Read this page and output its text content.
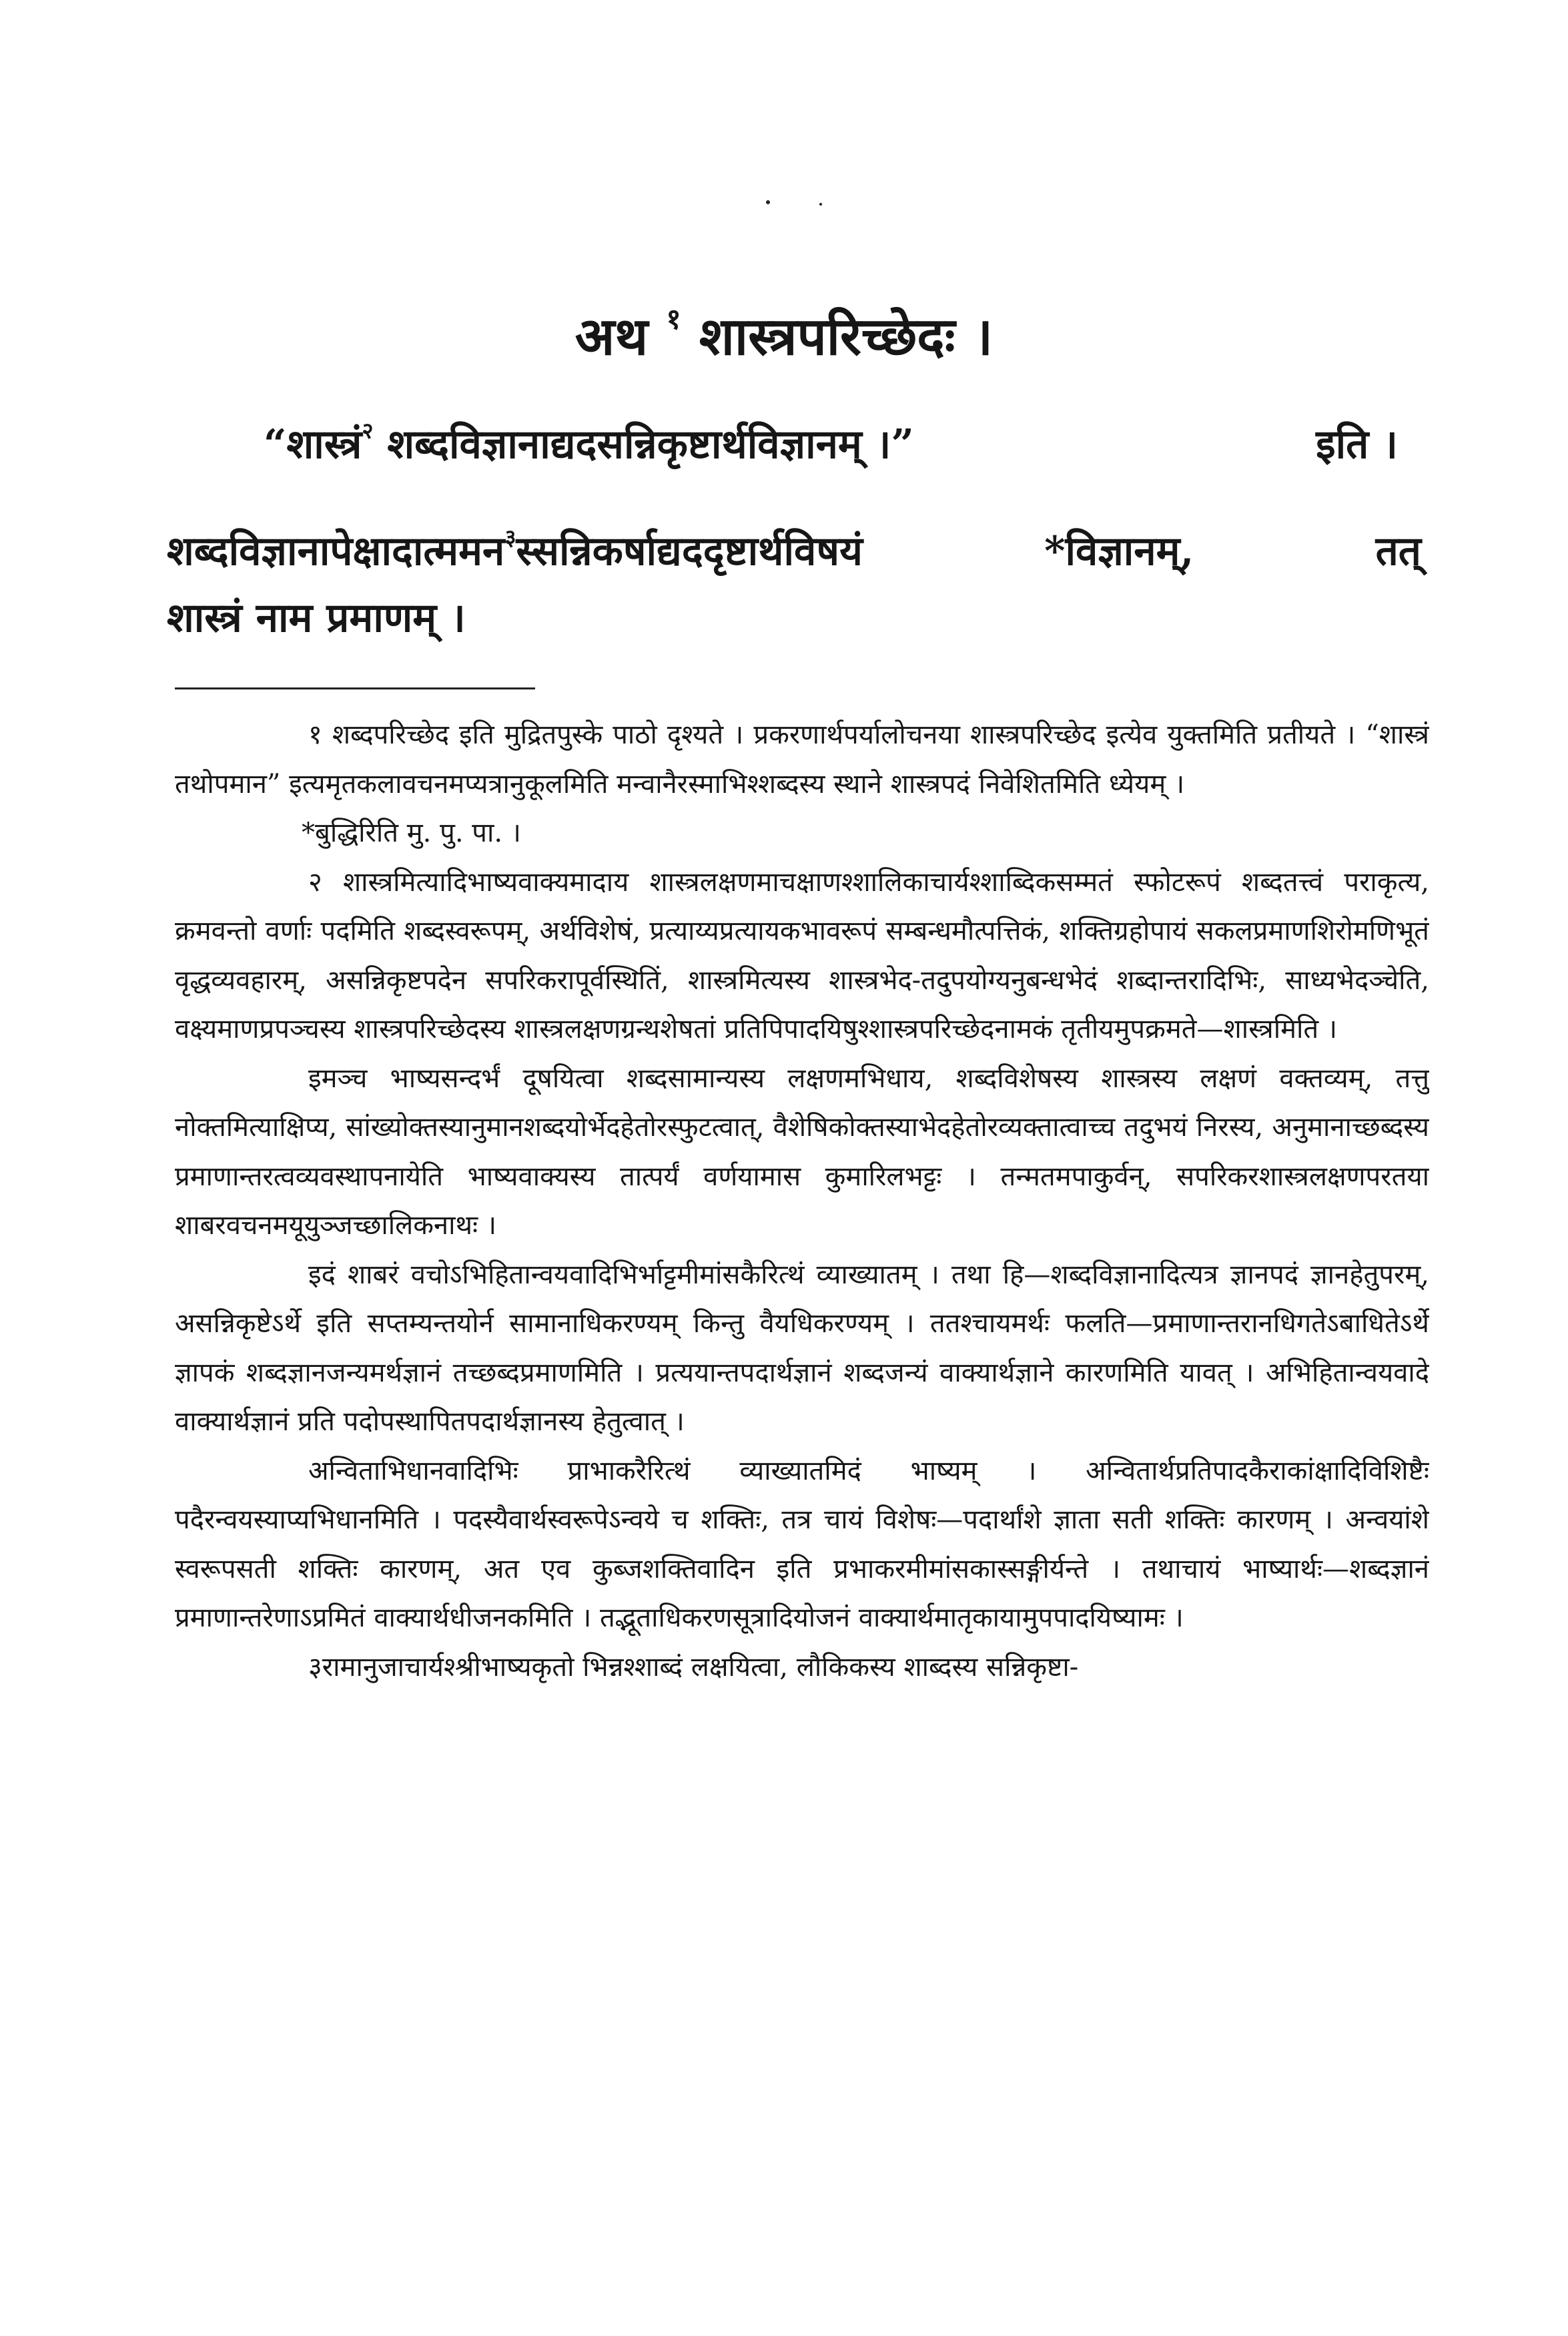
अथ $^१$ शास्त्रपरिच्छेदः ।
“शास्त्रं$^२$ शब्दविज्ञानाद्यदसन्निकृष्टार्थविज्ञानम् ।”	इति ।
शब्दविज्ञानापेक्षादात्ममन$^३$स्सन्निकर्षाद्यददृष्टार्थविषयं	*विज्ञानम्,	तत्
शास्त्रं नाम प्रमाणम् ।

१ शब्दपरिच्छेद इति मुद्रितपुस्के पाठो दृश्यते । प्रकरणार्थपर्यालोचनया शास्त्रपरिच्छेद इत्येव युक्तमिति प्रतीयते । “शास्त्रं तथोपमान” इत्यमृतकलावचनमप्यत्रानुकूलमिति मन्वानैरस्माभिश्शब्दस्य स्थाने शास्त्रपदं निवेशितमिति ध्येयम् ।

*बुद्धिरिति मु. पु. पा. ।

२ शास्त्रमित्यादिभाष्यवाक्यमादाय शास्त्रलक्षणमाचक्षाणश्शालिकाचार्यश्शाब्दिकसम्मतं स्फोटरूपं शब्दतत्त्वं पराकृत्य, क्रमवन्तो वर्णाः पदमिति शब्दस्वरूपम्, अर्थविशेषं, प्रत्याय्यप्रत्यायकभावरूपं सम्बन्धमौत्पत्तिकं, शक्तिग्रहोपायं सकलप्रमाणशिरोमणिभूतं वृद्धव्यवहारम्, असन्निकृष्टपदेन सपरिकरापूर्वस्थितिं, शास्त्रमित्यस्य शास्त्रभेद-तदुपयोग्यनुबन्धभेदं शब्दान्तरादिभिः, साध्यभेदञ्चेति, वक्ष्यमाणप्रपञ्चस्य शास्त्रपरिच्छेदस्य शास्त्रलक्षणग्रन्थशेषतां प्रतिपिपादयिषुश्शास्त्रपरिच्छेदनामकं तृतीयमुपक्रमते—शास्त्रमिति ।

इमञ्च भाष्यसन्दर्भं दूषयित्वा शब्दसामान्यस्य लक्षणमभिधाय, शब्दविशेषस्य शास्त्रस्य लक्षणं वक्तव्यम्, तत्तु नोक्तमित्याक्षिप्य, सांख्योक्तस्यानुमानशब्दयोर्भेदहेतोरस्फुटत्वात्, वैशेषिकोक्तस्याभेदहेतोरव्यक्तात्वाच्च तदुभयं निरस्य, अनुमानाच्छब्दस्य प्रमाणान्तरत्वव्यवस्थापनायेति भाष्यवाक्यस्य तात्पर्यं वर्णयामास कुमारिलभट्टः । तन्मतमपाकुर्वन्, सपरिकरशास्त्रलक्षणपरतया शाबरवचनमयूयुञ्जच्छालिकनाथः ।

इदं शाबरं वचोऽभिहितान्वयवादिभिर्भाट्टमीमांसकैरित्थं व्याख्यातम् । तथा हि—शब्दविज्ञानादित्यत्र ज्ञानपदं ज्ञानहेतुपरम्, असन्निकृष्टेऽर्थे इति सप्तम्यन्तयोर्न सामानाधिकरण्यम् किन्तु वैयधिकरण्यम् । ततश्चायमर्थः फलति—प्रमाणान्तरानधिगतेऽबाधितेऽर्थे ज्ञापकं शब्दज्ञानजन्यमर्थज्ञानं तच्छब्दप्रमाणमिति । प्रत्ययान्तपदार्थज्ञानं शब्दजन्यं वाक्यार्थज्ञाने कारणमिति यावत् । अभिहितान्वयवादे वाक्यार्थज्ञानं प्रति पदोपस्थापितपदार्थज्ञानस्य हेतुत्वात् ।

अन्विताभिधानवादिभिः प्राभाकरैरित्थं व्याख्यातमिदं भाष्यम् । अन्वितार्थप्रतिपादकैराकांक्षादिविशिष्टैः पदैरन्वयस्याप्यभिधानमिति । पदस्यैवार्थस्वरूपेऽन्वये च शक्तिः, तत्र चायं विशेषः—पदार्थांशे ज्ञाता सती शक्तिः कारणम् । अन्वयांशे स्वरूपसती शक्तिः कारणम्, अत एव कुब्जशक्तिवादिन इति प्रभाकरमीमांसकास्सङ्गीर्यन्ते । तथाचायं भाष्यार्थः—शब्दज्ञानं प्रमाणान्तरेणाऽप्रमितं वाक्यार्थधीजनकमिति । तद्भूताधिकरणसूत्रादियोजनं वाक्यार्थमातृकायामुपपादयिष्यामः ।

३रामानुजाचार्यश्श्रीभाष्यकृतो भिन्नश्शाब्दं लक्षयित्वा, लौकिकस्य शाब्दस्य सन्निकृष्टा-
